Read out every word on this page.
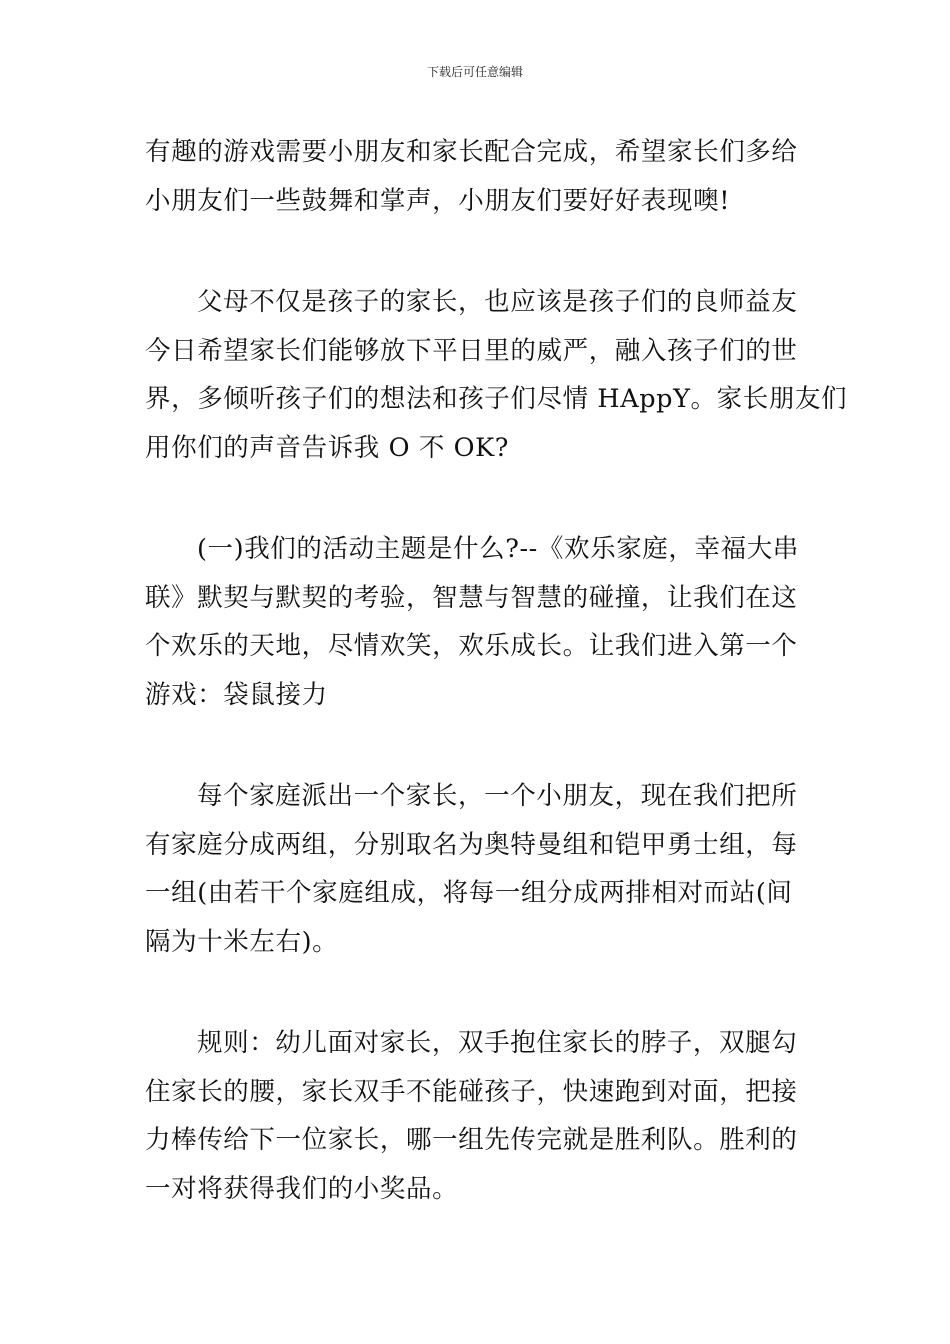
下载后可任意编辑
有趣的游戏需要小朋友和家长配合完成，希望家长们多给
小朋友们一些鼓舞和掌声，小朋友们要好好表现噢!
父母不仅是孩子的家长，也应该是孩子们的良师益友
今日希望家长们能够放下平日里的威严，融入孩子们的世
界，多倾听孩子们的想法和孩子们尽情 HAppY。家长朋友们
用你们的声音告诉我 O 不 OK?
(一)我们的活动主题是什么?--《欢乐家庭，幸福大串
联》默契与默契的考验，智慧与智慧的碰撞，让我们在这
个欢乐的天地，尽情欢笑，欢乐成长。让我们进入第一个
游戏：袋鼠接力
每个家庭派出一个家长，一个小朋友，现在我们把所
有家庭分成两组，分别取名为奥特曼组和铠甲勇士组，每
一组(由若干个家庭组成，将每一组分成两排相对而站(间
隔为十米左右)。
规则：幼儿面对家长，双手抱住家长的脖子，双腿勾
住家长的腰，家长双手不能碰孩子，快速跑到对面，把接
力棒传给下一位家长，哪一组先传完就是胜利队。胜利的
一对将获得我们的小奖品。
